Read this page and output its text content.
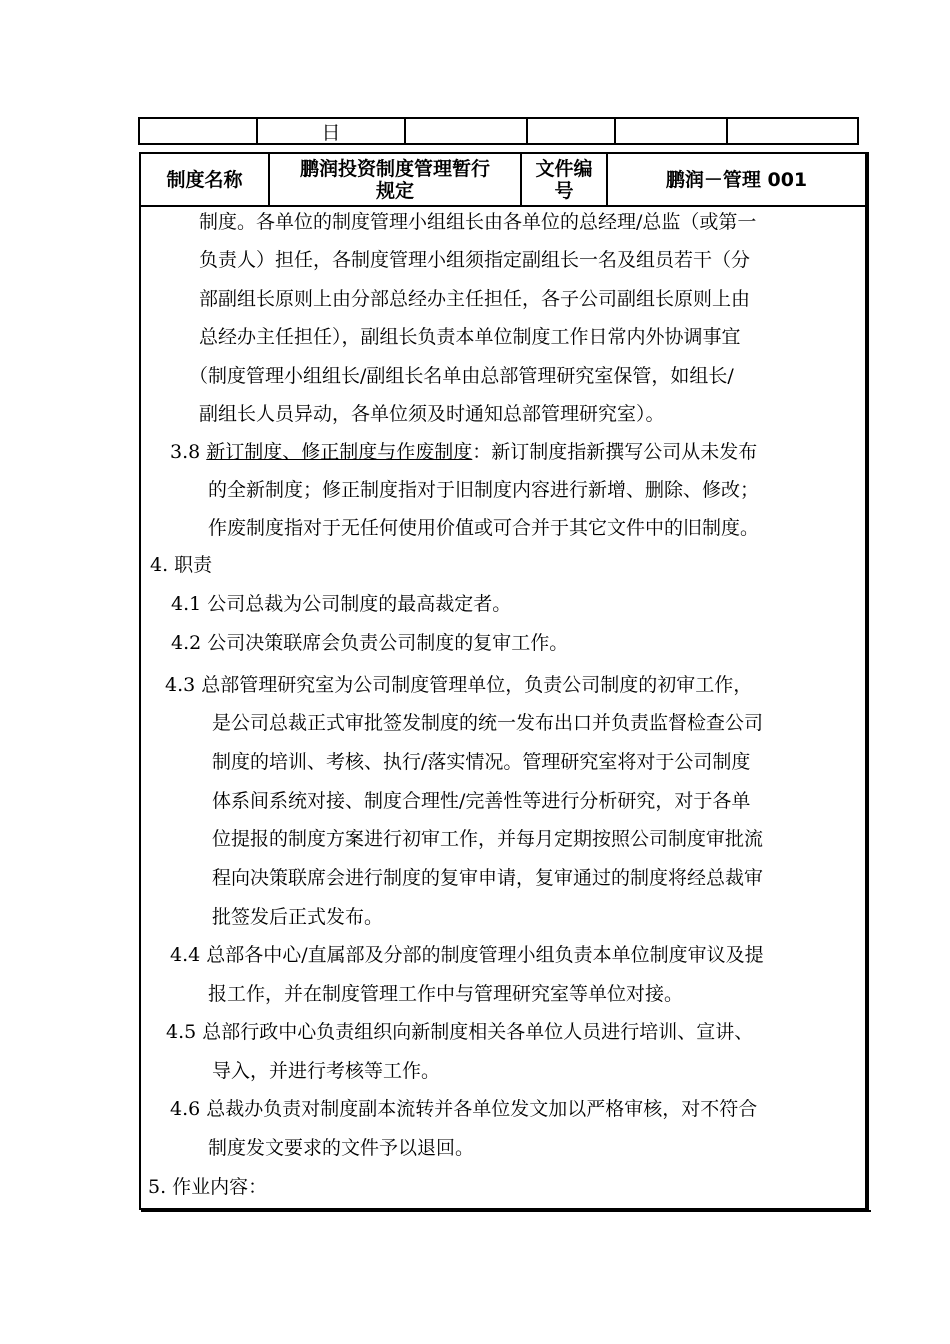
日
制度名称	鹏润投资制度管理暂行
规定
文件编
号	鹏润－管理 001
制度。各单位的制度管理小组组长由各单位的总经理/总监（或第一
负责人）担任，各制度管理小组须指定副组长一名及组员若干（分
部副组长原则上由分部总经办主任担任，各子公司副组长原则上由
总经办主任担任），副组长负责本单位制度工作日常内外协调事宜
（制度管理小组组长/副组长名单由总部管理研究室保管，如组长/
副组长人员异动，各单位须及时通知总部管理研究室）。
3.8 新订制度、修正制度与作废制度：新订制度指新撰写公司从未发布
的全新制度；修正制度指对于旧制度内容进行新增、删除、修改；
作废制度指对于无任何使用价值或可合并于其它文件中的旧制度。
4. 职责
4.1 公司总裁为公司制度的最高裁定者。
4.2 公司决策联席会负责公司制度的复审工作。
4.3 总部管理研究室为公司制度管理单位，负责公司制度的初审工作，
是公司总裁正式审批签发制度的统一发布出口并负责监督检查公司
制度的培训、考核、执行/落实情况。管理研究室将对于公司制度
体系间系统对接、制度合理性/完善性等进行分析研究，对于各单
位提报的制度方案进行初审工作，并每月定期按照公司制度审批流
程向决策联席会进行制度的复审申请，复审通过的制度将经总裁审
批签发后正式发布。
4.4 总部各中心/直属部及分部的制度管理小组负责本单位制度审议及提
报工作，并在制度管理工作中与管理研究室等单位对接。
4.5 总部行政中心负责组织向新制度相关各单位人员进行培训、宣讲、
导入，并进行考核等工作。
4.6 总裁办负责对制度副本流转并各单位发文加以严格审核，对不符合
制度发文要求的文件予以退回。
5. 作业内容：
